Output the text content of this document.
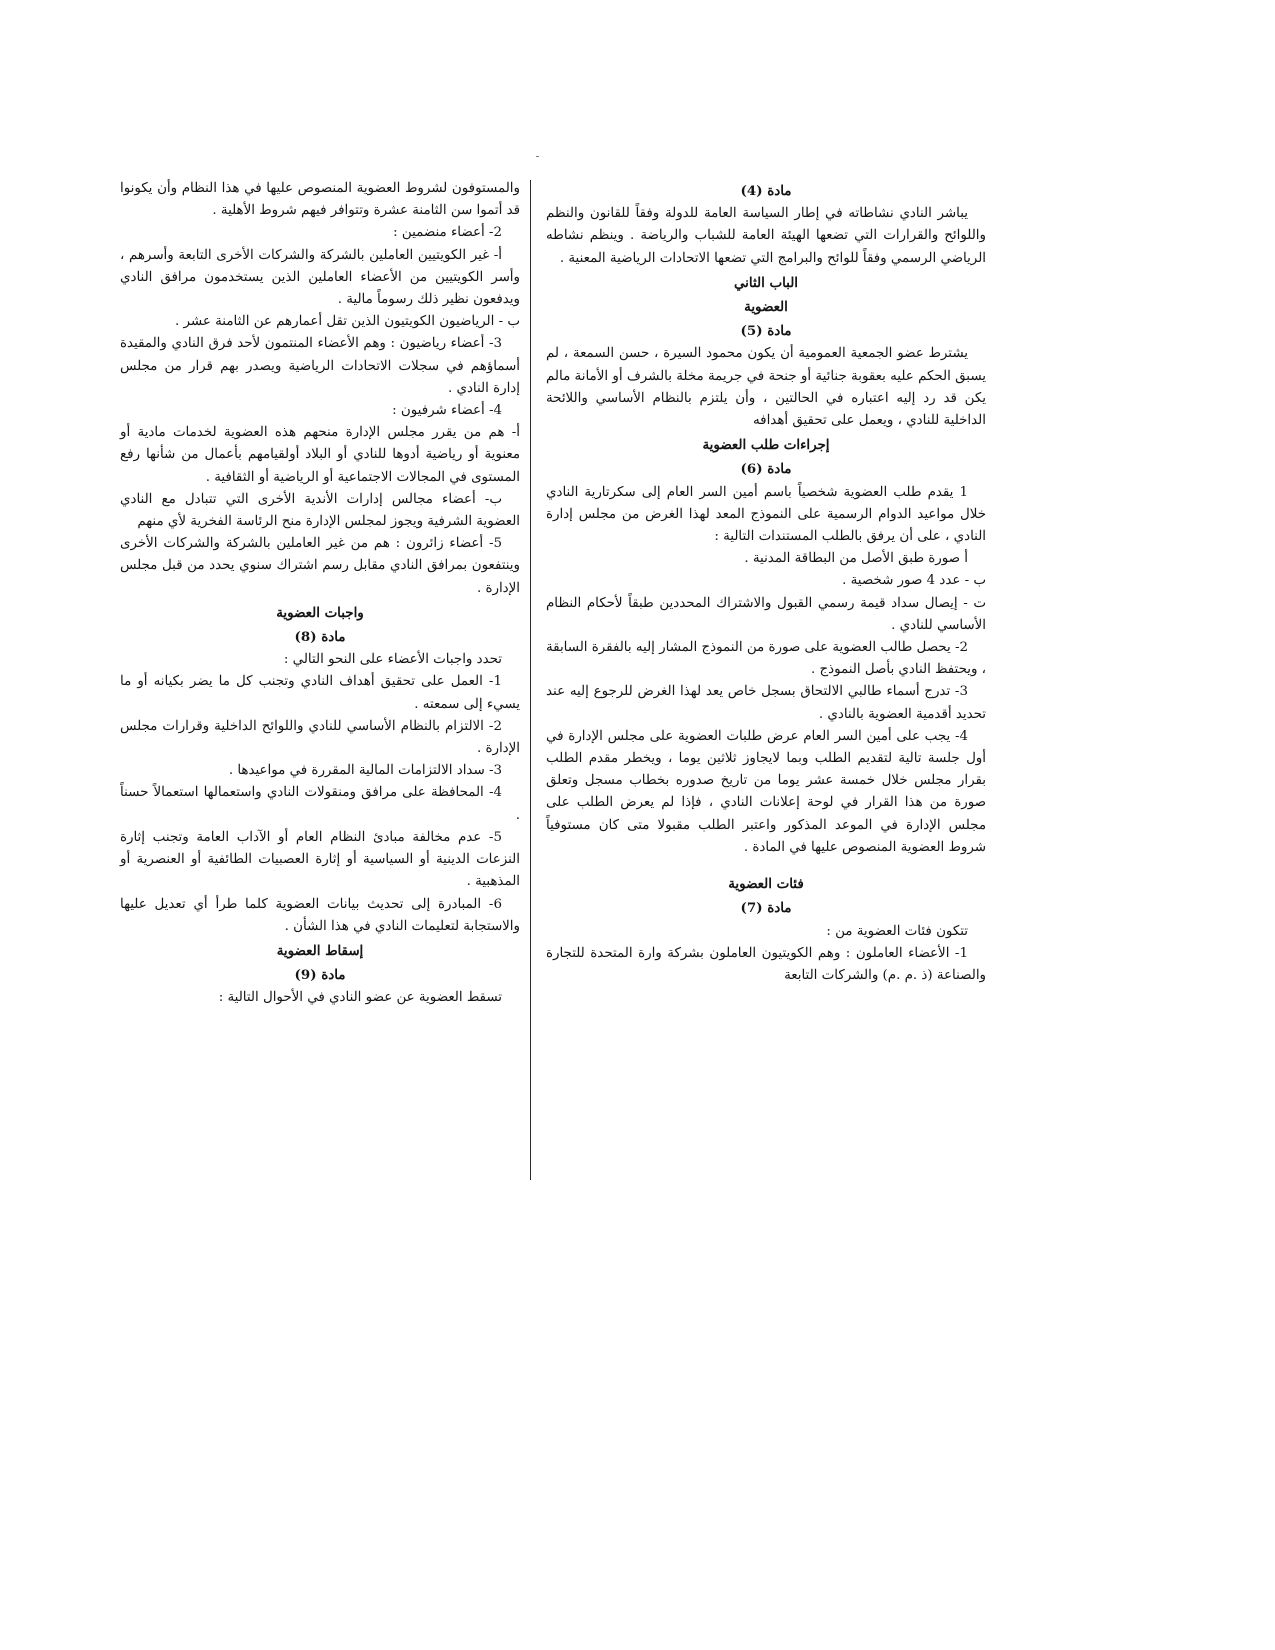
مادة (4)

يباشر النادي نشاطاته في إطار السياسة العامة للدولة وفقاً للقانون والنظم واللوائح والقرارات التي تضعها الهيئة العامة للشباب والرياضة . وينظم نشاطه الرياضي الرسمي وفقاً للوائح والبرامج التي تضعها الاتحادات الرياضية المعنية .

الباب الثاني
العضوية
مادة (5)

يشترط عضو الجمعية العمومية أن يكون محمود السيرة ، حسن السمعة ، لم يسبق الحكم عليه بعقوبة جنائية أو جنحة في جريمة مخلة بالشرف أو الأمانة مالم يكن قد رد إليه اعتباره في الحالتين ، وأن يلتزم بالنظام الأساسي واللائحة الداخلية للنادي ، ويعمل على تحقيق أهدافه

إجراءات طلب العضوية
مادة (6)

1 يقدم طلب العضوية شخصياً باسم أمين السر العام إلى سكرتارية النادي خلال مواعيد الدوام الرسمية على النموذج المعد لهذا الغرض من مجلس إدارة النادي ، على أن يرفق بالطلب المستندات التالية :

أ صورة طبق الأصل من البطاقة المدنية .

ب - عدد 4 صور شخصية .

ت - إيصال سداد قيمة رسمي القبول والاشتراك المحددين طبقاً لأحكام النظام الأساسي للنادي .

2- يحصل طالب العضوية على صورة من النموذج المشار إليه بالفقرة السابقة ، ويحتفظ النادي بأصل النموذج .

3- تدرج أسماء طالبي الالتحاق بسجل خاص يعد لهذا الغرض للرجوع إليه عند تحديد أقدمية العضوية بالنادي .

4- يجب على أمين السر العام عرض طلبات العضوية على مجلس الإدارة في أول جلسة تالية لتقديم الطلب وبما لايجاوز ثلاثين يوما ، ويخطر مقدم الطلب بقرار مجلس خلال خمسة عشر يوما من تاريخ صدوره بخطاب مسجل وتعلق صورة من هذا القرار في لوحة إعلانات النادي ، فإذا لم يعرض الطلب على مجلس الإدارة في الموعد المذكور واعتبر الطلب مقبولا متى كان مستوفياً شروط العضوية المنصوص عليها في المادة .

فئات العضوية
مادة (7)

تتكون فئات العضوية من :

1- الأعضاء العاملون : وهم الكويتيون العاملون بشركة وارة المتحدة للتجارة والصناعة (ذ .م .م) والشركات التابعة

والمستوفون لشروط العضوية المنصوص عليها في هذا النظام وأن يكونوا قد أتموا سن الثامنة عشرة وتتوافر فيهم شروط الأهلية .

2- أعضاء منضمين :

أ- غير الكويتيين العاملين بالشركة والشركات الأخرى التابعة وأسرهم ، وأسر الكويتيين من الأعضاء العاملين الذين يستخدمون مرافق النادي ويدفعون نظير ذلك رسوماً مالية .

ب - الرياضيون الكويتيون الذين تقل أعمارهم عن الثامنة عشر .

3- أعضاء رياضيون : وهم الأعضاء المنتمون لأحد فرق النادي والمقيدة أسماؤهم في سجلات الاتحادات الرياضية ويصدر بهم قرار من مجلس إدارة النادي .

4- أعضاء شرفيون :

أ- هم من يقرر مجلس الإدارة منحهم هذه العضوية لخدمات مادية أو معنوية أو رياضية أدوها للنادي أو البلاد أولقيامهم بأعمال من شأنها رفع المستوى في المجالات الاجتماعية أو الرياضية أو الثقافية .

ب- أعضاء مجالس إدارات الأندية الأخرى التي تتبادل مع النادي العضوية الشرفية ويجوز لمجلس الإدارة منح الرئاسة الفخرية لأي منهم

5- أعضاء زائرون : هم من غير العاملين بالشركة والشركات الأخرى وينتفعون بمرافق النادي مقابل رسم اشتراك سنوي يحدد من قبل مجلس الإدارة .

واجبات العضوية
مادة (8)

تحدد واجبات الأعضاء على النحو التالي :

1- العمل على تحقيق أهداف النادي وتجنب كل ما يضر بكيانه أو ما يسيء إلى سمعته .

2- الالتزام بالنظام الأساسي للنادي واللوائح الداخلية وقرارات مجلس الإدارة .

3- سداد الالتزامات المالية المقررة في مواعيدها .

4- المحافظة على مرافق ومنقولات النادي واستعمالها استعمالاً حسناً .

5- عدم مخالفة مبادئ النظام العام أو الآداب العامة وتجنب إثارة النزعات الدينية أو السياسية أو إثارة العصبيات الطائفية أو العنصرية أو المذهبية .

6- المبادرة إلى تحديث بيانات العضوية كلما طرأ أي تعديل عليها والاستجابة لتعليمات النادي في هذا الشأن .

إسقاط العضوية
مادة (9)

تسقط العضوية عن عضو النادي في الأحوال التالية :
